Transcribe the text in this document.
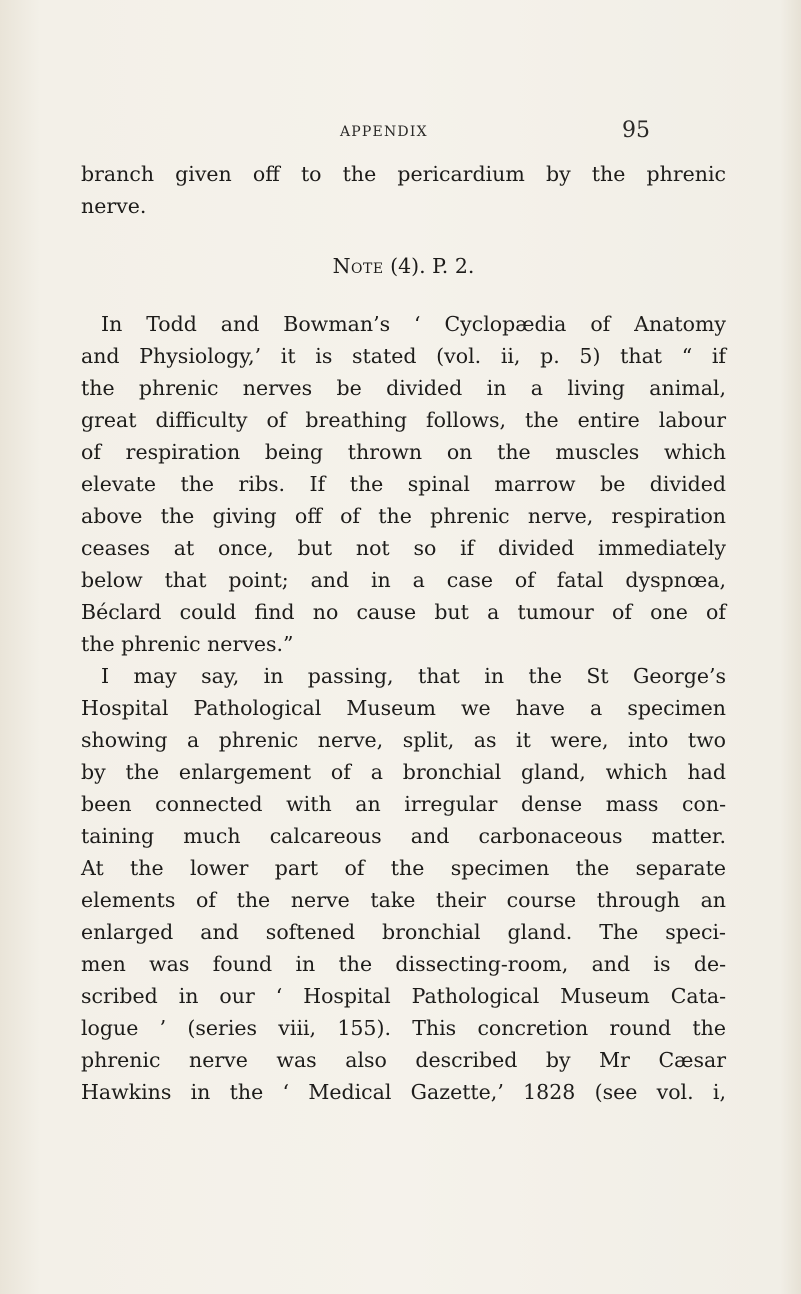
APPENDIX	95
branch given off to the pericardium by the phrenic
nerve.
Note (4). P. 2.
In Todd and Bowman’s ‘ Cyclopædia of Anatomy
and Physiology,’ it is stated (vol. ii, p. 5) that “ if
the phrenic nerves be divided in a living animal,
great difficulty of breathing follows, the entire labour
of respiration being thrown on the muscles which
elevate the ribs. If the spinal marrow be divided
above the giving off of the phrenic nerve, respiration
ceases at once, but not so if divided immediately
below that point; and in a case of fatal dyspnœa,
Béclard could find no cause but a tumour of one of
the phrenic nerves.”
I may say, in passing, that in the St George’s
Hospital Pathological Museum we have a specimen
showing a phrenic nerve, split, as it were, into two
by the enlargement of a bronchial gland, which had
been connected with an irregular dense mass con-
taining much calcareous and carbonaceous matter.
At the lower part of the specimen the separate
elements of the nerve take their course through an
enlarged and softened bronchial gland. The speci-
men was found in the dissecting-room, and is de-
scribed in our ‘ Hospital Pathological Museum Cata-
logue ’ (series viii, 155). This concretion round the
phrenic nerve was also described by Mr Cæsar
Hawkins in the ‘ Medical Gazette,’ 1828 (see vol. i,
